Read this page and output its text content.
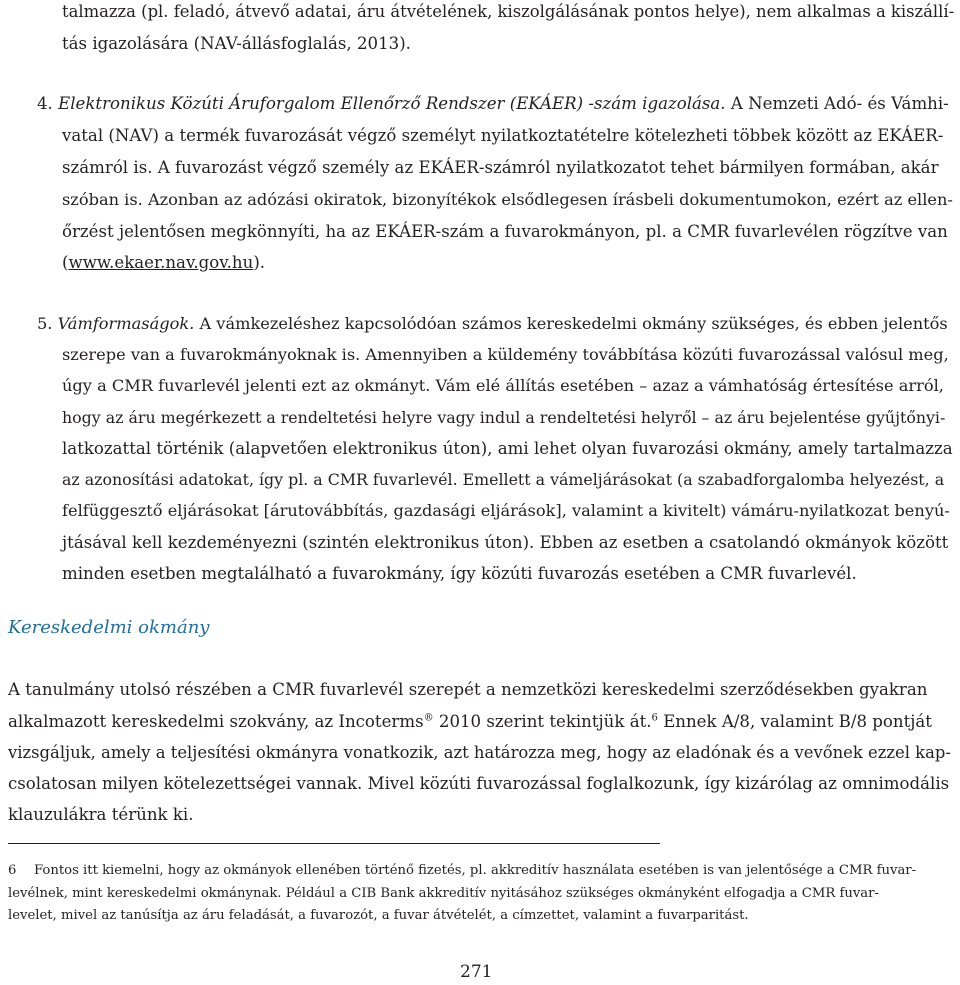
talmazza (pl. feladó, átvevő adatai, áru átvételének, kiszolgálásának pontos helye), nem alkalmas a kiszállí-
tás igazolására (NAV-állásfoglalás, 2013).
4. Elektronikus Közúti Áruforgalom Ellenőrző Rendszer (EKÁER) -szám igazolása. A Nemzeti Adó- és Vámhi-
vatal (NAV) a termék fuvarozását végző személyt nyilatkoztatételre kötelezheti többek között az EKÁER-
számról is. A fuvarozást végző személy az EKÁER-számról nyilatkozatot tehet bármilyen formában, akár
szóban is. Azonban az adózási okiratok, bizonyítékok elsődlegesen írásbeli dokumentumokon, ezért az ellen-
őrzést jelentősen megkönnyíti, ha az EKÁER-szám a fuvarokmányon, pl. a CMR fuvarlevélen rögzítve van
(www.ekaer.nav.gov.hu).
5. Vámformaságok. A vámkezeléshez kapcsolódóan számos kereskedelmi okmány szükséges, és ebben jelentős
szerepe van a fuvarokmányoknak is. Amennyiben a küldemény továbbítása közúti fuvarozással valósul meg,
úgy a CMR fuvarlevél jelenti ezt az okmányt. Vám elé állítás esetében – azaz a vámhatóság értesítése arról,
hogy az áru megérkezett a rendeltetési helyre vagy indul a rendeltetési helyről – az áru bejelentése gyűjtőnyi-
latkozattal történik (alapvetően elektronikus úton), ami lehet olyan fuvarozási okmány, amely tartalmazza
az azonosítási adatokat, így pl. a CMR fuvarlevél. Emellett a vámeljárásokat (a szabadforgalomba helyezést, a
felfüggesztő eljárásokat [árutovábbítás, gazdasági eljárások], valamint a kivitelt) vámáru-nyilatkozat benyú-
jtásával kell kezdeményezni (szintén elektronikus úton). Ebben az esetben a csatolandó okmányok között
minden esetben megtalálható a fuvarokmány, így közúti fuvarozás esetében a CMR fuvarlevél.
Kereskedelmi okmány
A tanulmány utolsó részében a CMR fuvarlevél szerepét a nemzetközi kereskedelmi szerződésekben gyakran
alkalmazott kereskedelmi szokvány, az Incoterms® 2010 szerint tekintjük át.$^6$ Ennek A/8, valamint B/8 pontját
vizsgáljuk, amely a teljesítési okmányra vonatkozik, azt határozza meg, hogy az eladónak és a vevőnek ezzel kap-
csolatosan milyen kötelezettségei vannak. Mivel közúti fuvarozással foglalkozunk, így kizárólag az omnimodális
klauzulákra térünk ki.
6 Fontos itt kiemelni, hogy az okmányok ellenében történő fizetés, pl. akkreditív használata esetében is van jelentősége a CMR fuvar-
levélnek, mint kereskedelmi okmánynak. Például a CIB Bank akkreditív nyitásához szükséges okmányként elfogadja a CMR fuvar-
levelet, mivel az tanúsítja az áru feladását, a fuvarozót, a fuvar átvételét, a címzettet, valamint a fuvarparitást.
271
